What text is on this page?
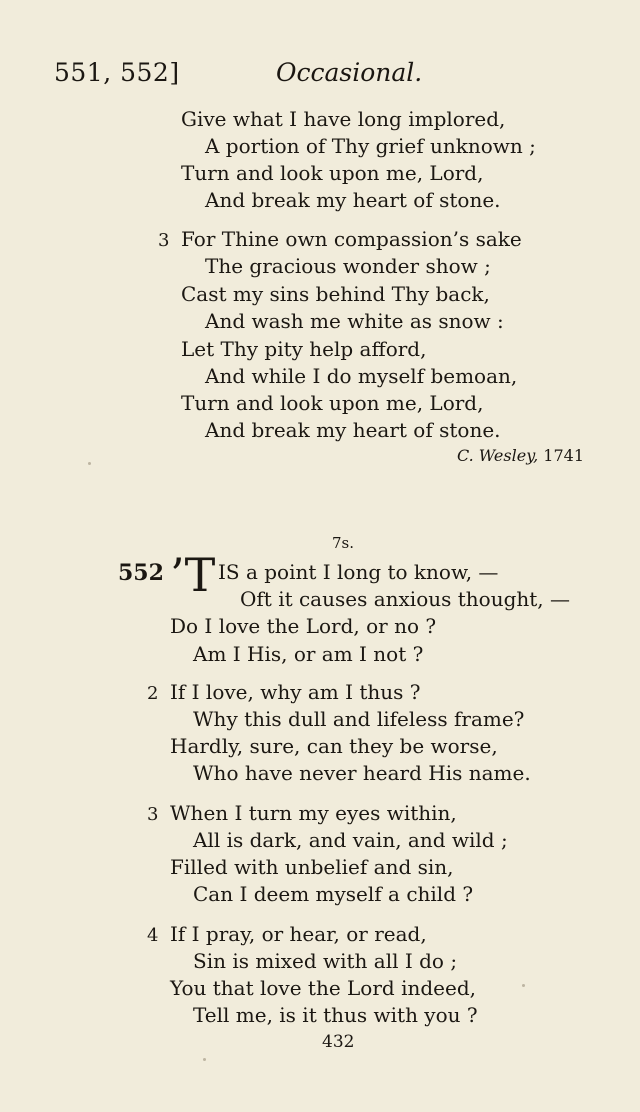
551, 552]	Occasional.
Give what I have long implored,
A portion of Thy grief unknown ;
Turn and look upon me, Lord,
And break my heart of stone.
3 For Thine own compassion’s sake
The gracious wonder show ;
Cast my sins behind Thy back,
And wash me white as snow :
Let Thy pity help afford,
And while I do myself bemoan,
Turn and look upon me, Lord,
And break my heart of stone.
C. Wesley, 1741
7s.
552 ’T IS a point I long to know, —
Oft it causes anxious thought, —
Do I love the Lord, or no ?
Am I His, or am I not ?
2 If I love, why am I thus ?
Why this dull and lifeless frame?
Hardly, sure, can they be worse,
Who have never heard His name.
3 When I turn my eyes within,
All is dark, and vain, and wild ;
Filled with unbelief and sin,
Can I deem myself a child ?
4 If I pray, or hear, or read,
Sin is mixed with all I do ;
You that love the Lord indeed,
Tell me, is it thus with you ?
432
